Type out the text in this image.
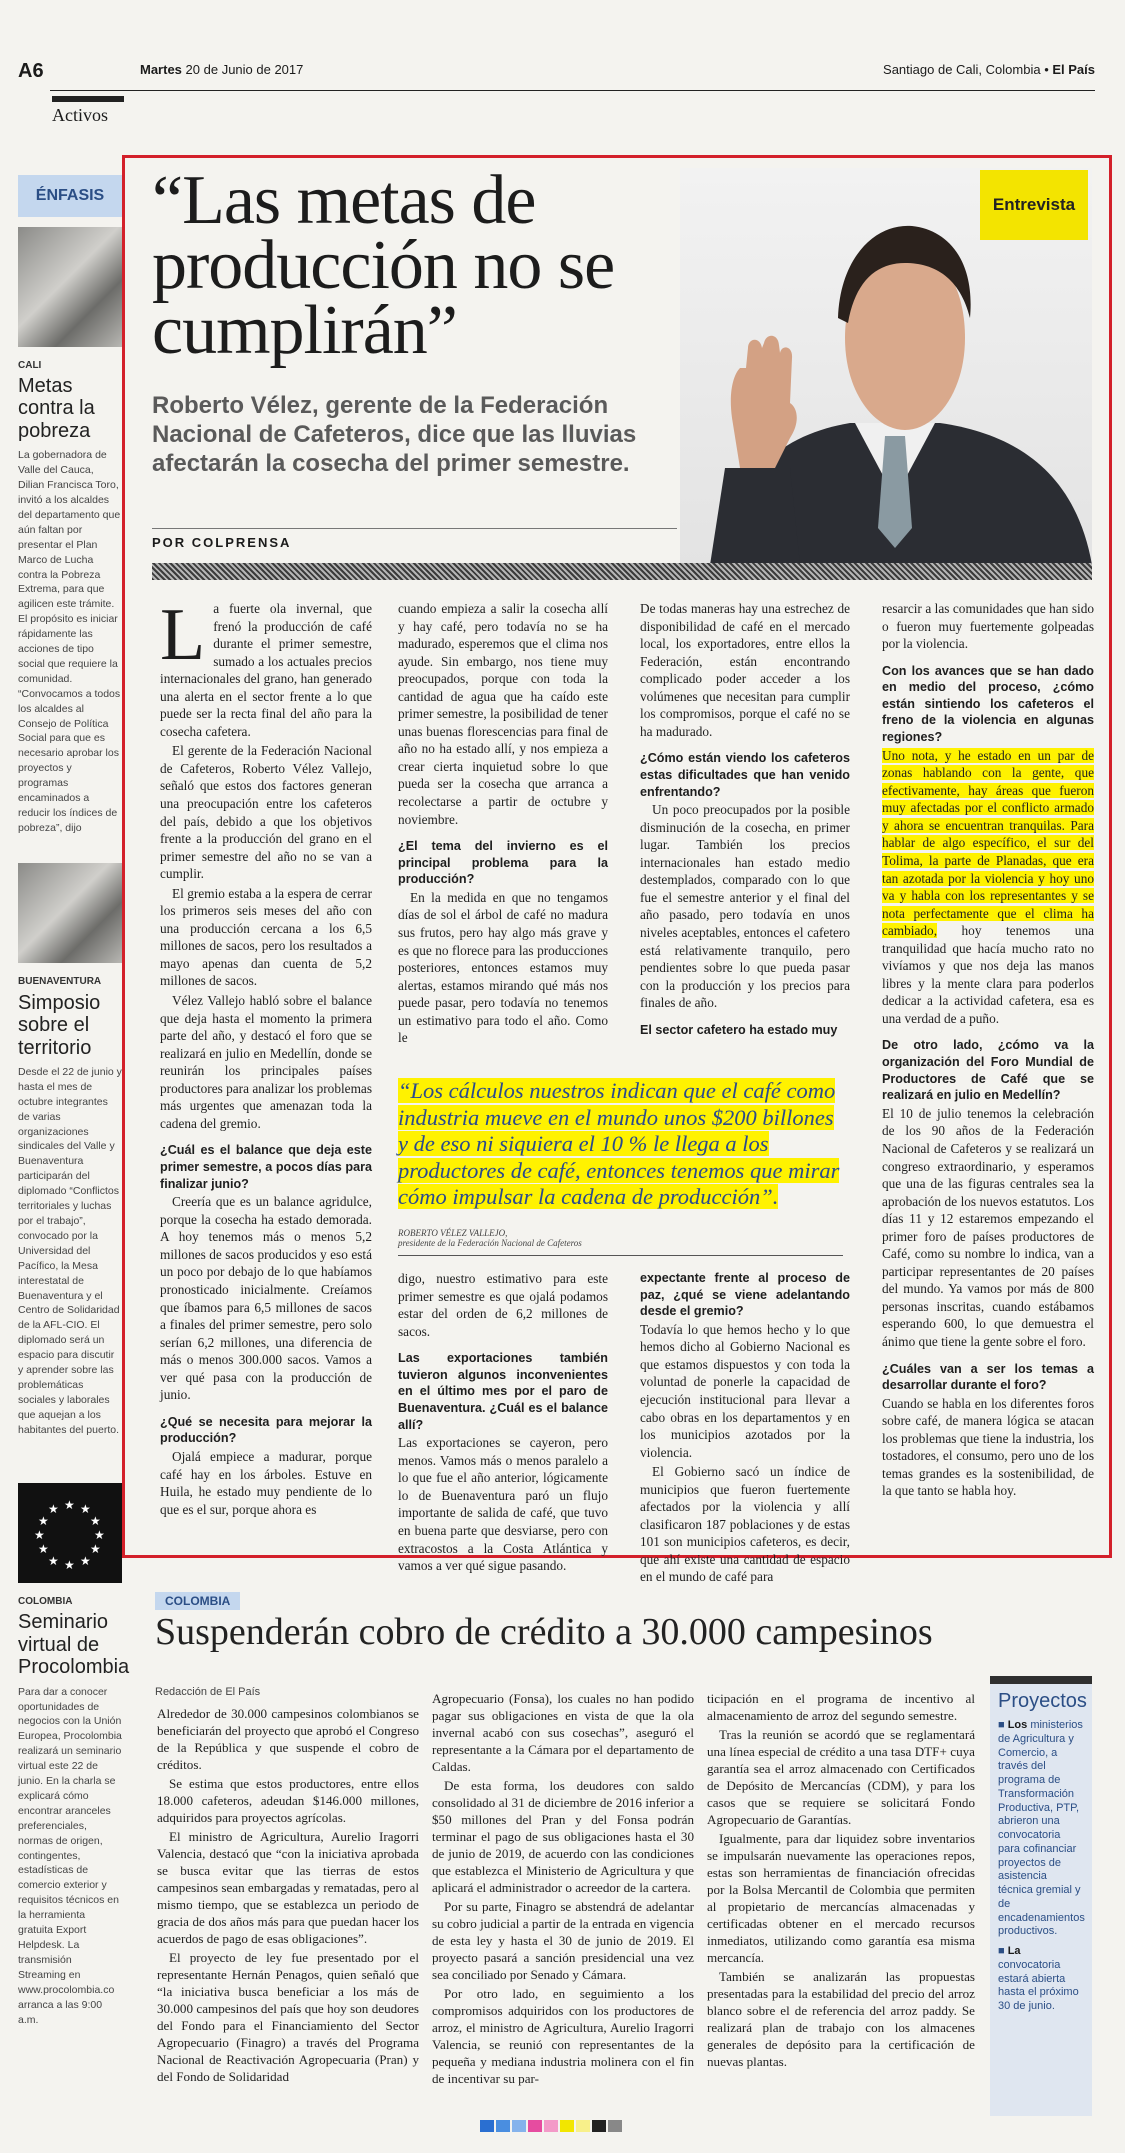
A6	Martes 20 de Junio de 2017	Santiago de Cali, Colombia • El País
Activos
ÉNFASIS
CALI
Metas contra la pobreza
La gobernadora de Valle del Cauca, Dilian Francisca Toro, invitó a los alcaldes del departamento que aún faltan por presentar el Plan Marco de Lucha contra la Pobreza Extrema, para que agilicen este trámite. El propósito es iniciar rápidamente las acciones de tipo social que requiere la comunidad. “Convocamos a todos los alcaldes al Consejo de Política Social para que es necesario aprobar los proyectos y programas encaminados a reducir los índices de pobreza”, dijo
BUENAVENTURA
Simposio sobre el territorio
Desde el 22 de junio y hasta el mes de octubre integrantes de varias organizaciones sindicales del Valle y Buenaventura participarán del diplomado “Conflictos territoriales y luchas por el trabajo”, convocado por la Universidad del Pacífico, la Mesa interestatal de Buenaventura y el Centro de Solidaridad de la AFL-CIO. El diplomado será un espacio para discutir y aprender sobre las problemáticas sociales y laborales que aquejan a los habitantes del puerto.
★ ★
★
★
★
★
★
★
★
★
★
★
COLOMBIA
Seminario virtual de Procolombia
Para dar a conocer oportunidades de negocios con la Unión Europea, Procolombia realizará un seminario virtual este 22 de junio. En la charla se explicará cómo encontrar aranceles preferenciales, normas de origen, contingentes, estadísticas de comercio exterior y requisitos técnicos en la herramienta gratuita Export Helpdesk. La transmisión Streaming en www.procolombia.co arranca a las 9:00 a.m.
“Las metas de producción no se cumplirán”
Roberto Vélez, gerente de la Federación Nacional de Cafeteros, dice que las lluvias afectarán la cosecha del primer semestre.
POR COLPRENSA
Entrevista

La fuerte ola invernal, que frenó la producción de café durante el primer semestre, sumado a los actuales precios internacionales del grano, han generado una alerta en el sector frente a lo que puede ser la recta final del año para la cosecha cafetera.

El gerente de la Federación Nacional de Cafeteros, Roberto Vélez Vallejo, señaló que estos dos factores generan una preocupación entre los cafeteros del país, debido a que los objetivos frente a la producción del grano en el primer semestre del año no se van a cumplir.

El gremio estaba a la espera de cerrar los primeros seis meses del año con una producción cercana a los 6,5 millones de sacos, pero los resultados a mayo apenas dan cuenta de 5,2 millones de sacos.

Vélez Vallejo habló sobre el balance que deja hasta el momento la primera parte del año, y destacó el foro que se realizará en julio en Medellín, donde se reunirán los principales países productores para analizar los problemas más urgentes que amenazan toda la cadena del gremio.

¿Cuál es el balance que deja este primer semestre, a pocos días para finalizar junio?

Creería que es un balance agridulce, porque la cosecha ha estado demorada. A hoy tenemos más o menos 5,2 millones de sacos producidos y eso está un poco por debajo de lo que habíamos pronosticado inicialmente. Creíamos que íbamos para 6,5 millones de sacos a finales del primer semestre, pero solo serían 6,2 millones, una diferencia de más o menos 300.000 sacos. Vamos a ver qué pasa con la producción de junio.

¿Qué se necesita para mejorar la producción?

Ojalá empiece a madurar, porque café hay en los árboles. Estuve en Huila, he estado muy pendiente de lo que es el sur, porque ahora es

cuando empieza a salir la cosecha allí y hay café, pero todavía no se ha madurado, esperemos que el clima nos ayude. Sin embargo, nos tiene muy preocupados, porque con toda la cantidad de agua que ha caído este primer semestre, la posibilidad de tener unas buenas florescencias para final de año no ha estado allí, y nos empieza a crear cierta inquietud sobre lo que pueda ser la cosecha que arranca a recolectarse a partir de octubre y noviembre.

¿El tema del invierno es el principal problema para la producción?

En la medida en que no tengamos días de sol el árbol de café no madura sus frutos, pero hay algo más grave y es que no florece para las producciones posteriores, entonces estamos muy alertas, estamos mirando qué más nos puede pasar, pero todavía no tenemos un estimativo para todo el año. Como le

De todas maneras hay una estrechez de disponibilidad de café en el mercado local, los exportadores, entre ellos la Federación, están encontrando complicado poder acceder a los volúmenes que necesitan para cumplir los compromisos, porque el café no se ha madurado.

¿Cómo están viendo los cafeteros estas dificultades que han venido enfrentando?

Un poco preocupados por la posible disminución de la cosecha, en primer lugar. También los precios internacionales han estado medio destemplados, comparado con lo que fue el semestre anterior y el final del año pasado, pero todavía en unos niveles aceptables, entonces el cafetero está relativamente tranquilo, pero pendientes sobre lo que pueda pasar con la producción y los precios para finales de año.

El sector cafetero ha estado muy

“Los cálculos nuestros indican que el café como industria mueve en el mundo unos $200 billones y de eso ni siquiera el 10 % le llega a los productores de café, entonces tenemos que mirar cómo impulsar la cadena de producción”.
ROBERTO VÉLEZ VALLEJO,
presidente de la Federación Nacional de Cafeteros

digo, nuestro estimativo para este primer semestre es que ojalá podamos estar del orden de 6,2 millones de sacos.

Las exportaciones también tuvieron algunos inconvenientes en el último mes por el paro de Buenaventura. ¿Cuál es el balance allí?

Las exportaciones se cayeron, pero menos. Vamos más o menos paralelo a lo que fue el año anterior, lógicamente lo de Buenaventura paró un flujo importante de salida de café, que tuvo en buena parte que desviarse, pero con extracostos a la Costa Atlántica y vamos a ver qué sigue pasando.

expectante frente al proceso de paz, ¿qué se viene adelantando desde el gremio?

Todavía lo que hemos hecho y lo que hemos dicho al Gobierno Nacional es que estamos dispuestos y con toda la voluntad de ponerle la capacidad de ejecución institucional para llevar a cabo obras en los departamentos y en los municipios azotados por la violencia.

El Gobierno sacó un índice de municipios que fueron fuertemente afectados por la violencia y allí clasificaron 187 poblaciones y de estas 101 son municipios cafeteros, es decir, que ahí existe una cantidad de espacio en el mundo de café para

resarcir a las comunidades que han sido o fueron muy fuertemente golpeadas por la violencia.

Con los avances que se han dado en medio del proceso, ¿cómo están sintiendo los cafeteros el freno de la violencia en algunas regiones?

Uno nota, y he estado en un par de zonas hablando con la gente, que efectivamente, hay áreas que fueron muy afectadas por el conflicto armado y ahora se encuentran tranquilas. Para hablar de algo específico, el sur del Tolima, la parte de Planadas, que era tan azotada por la violencia y hoy uno va y habla con los representantes y se nota perfectamente que el clima ha cambiado, hoy tenemos una tranquilidad que hacía mucho rato no vivíamos y que nos deja las manos libres y la mente clara para poderlos dedicar a la actividad cafetera, esa es una verdad de a puño.

De otro lado, ¿cómo va la organización del Foro Mundial de Productores de Café que se realizará en julio en Medellín?

El 10 de julio tenemos la celebración de los 90 años de la Federación Nacional de Cafeteros y se realizará un congreso extraordinario, y esperamos que una de las figuras centrales sea la aprobación de los nuevos estatutos. Los días 11 y 12 estaremos empezando el primer foro de países productores de Café, como su nombre lo indica, van a participar representantes de 20 países del mundo. Ya vamos por más de 800 personas inscritas, cuando estábamos esperando 600, lo que demuestra el ánimo que tiene la gente sobre el foro.

¿Cuáles van a ser los temas a desarrollar durante el foro?

Cuando se habla en los diferentes foros sobre café, de manera lógica se atacan los problemas que tiene la industria, los tostadores, el consumo, pero uno de los temas grandes es la sostenibilidad, de la que tanto se habla hoy.

COLOMBIA
Suspenderán cobro de crédito a 30.000 campesinos
Redacción de El País

Alrededor de 30.000 campesinos colombianos se beneficiarán del proyecto que aprobó el Congreso de la República y que suspende el cobro de créditos.

Se estima que estos productores, entre ellos 18.000 cafeteros, adeudan $146.000 millones, adquiridos para proyectos agrícolas.

El ministro de Agricultura, Aurelio Iragorri Valencia, destacó que “con la iniciativa aprobada se busca evitar que las tierras de estos campesinos sean embargadas y rematadas, pero al mismo tiempo, que se establezca un periodo de gracia de dos años más para que puedan hacer los acuerdos de pago de esas obligaciones”.

El proyecto de ley fue presentado por el representante Hernán Penagos, quien señaló que “la iniciativa busca beneficiar a los más de 30.000 campesinos del país que hoy son deudores del Fondo para el Financiamiento del Sector Agropecuario (Finagro) a través del Programa Nacional de Reactivación Agropecuaria (Pran) y del Fondo de Solidaridad

Agropecuario (Fonsa), los cuales no han podido pagar sus obligaciones en vista de que la ola invernal acabó con sus cosechas”, aseguró el representante a la Cámara por el departamento de Caldas.

De esta forma, los deudores con saldo consolidado al 31 de diciembre de 2016 inferior a $50 millones del Pran y del Fonsa podrán terminar el pago de sus obligaciones hasta el 30 de junio de 2019, de acuerdo con las condiciones que establezca el Ministerio de Agricultura y que aplicará el administrador o acreedor de la cartera.

Por su parte, Finagro se abstendrá de adelantar su cobro judicial a partir de la entrada en vigencia de esta ley y hasta el 30 de junio de 2019. El proyecto pasará a sanción presidencial una vez sea conciliado por Senado y Cámara.

Por otro lado, en seguimiento a los compromisos adquiridos con los productores de arroz, el ministro de Agricultura, Aurelio Iragorri Valencia, se reunió con representantes de la pequeña y mediana industria molinera con el fin de incentivar su par-

ticipación en el programa de incentivo al almacenamiento de arroz del segundo semestre.

Tras la reunión se acordó que se reglamentará una línea especial de crédito a una tasa DTF+ cuya garantía sea el arroz almacenado con Certificados de Depósito de Mercancías (CDM), y para los casos que se requiere se solicitará Fondo Agropecuario de Garantías.

Igualmente, para dar liquidez sobre inventarios se impulsarán nuevamente las operaciones repos, estas son herramientas de financiación ofrecidas por la Bolsa Mercantil de Colombia que permiten al propietario de mercancías almacenadas y certificadas obtener en el mercado recursos inmediatos, utilizando como garantía esa misma mercancía.

También se analizarán las propuestas presentadas para la estabilidad del precio del arroz blanco sobre el de referencia del arroz paddy. Se realizará plan de trabajo con los almacenes generales de depósito para la certificación de nuevas plantas.

Proyectos
■ Los ministerios de Agricultura y Comercio, a través del programa de Transformación Productiva, PTP, abrieron una convocatoria para cofinanciar proyectos de asistencia técnica gremial y de encadenamientos productivos.
■ La convocatoria estará abierta hasta el próximo 30 de junio.
